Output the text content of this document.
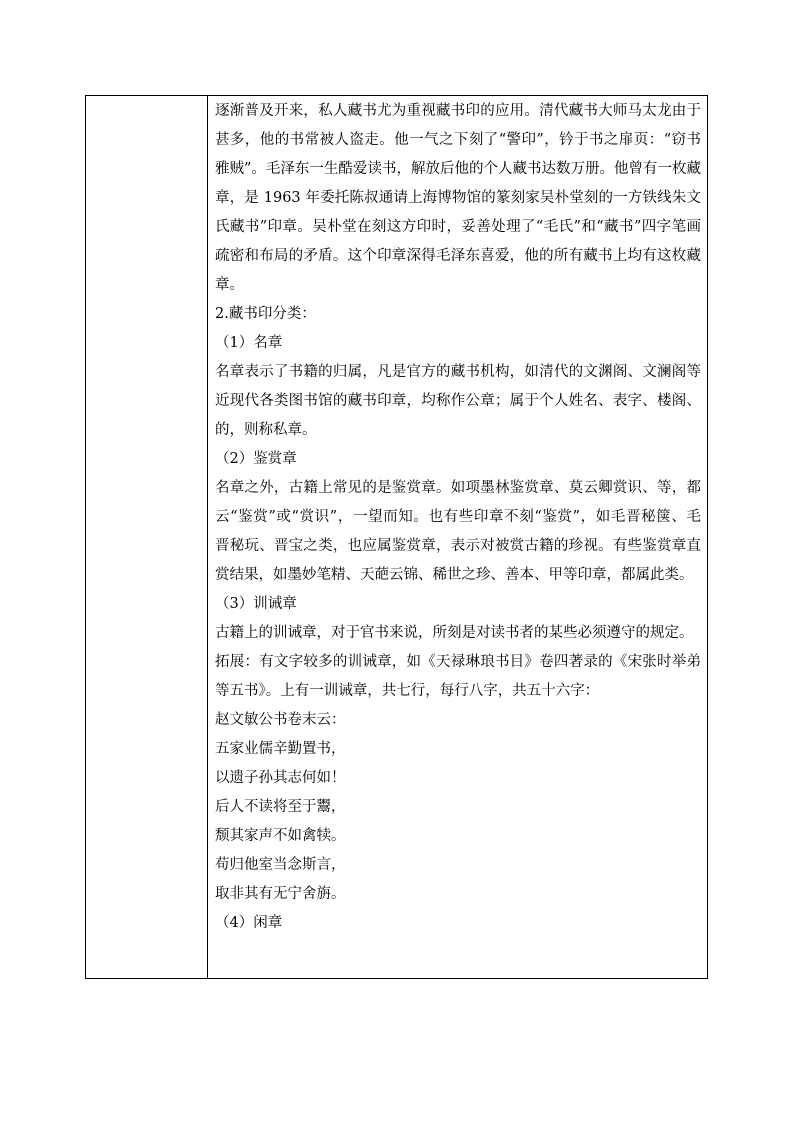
逐渐普及开来，私人藏书尤为重视藏书印的应用。清代藏书大师马太龙由于
甚多，他的书常被人盗走。他一气之下刻了“警印”，钤于书之扉页：“窃书
雅贼”。毛泽东一生酷爱读书，解放后他的个人藏书达数万册。他曾有一枚藏
章，是 1963 年委托陈叔通请上海博物馆的篆刻家吴朴堂刻的一方铁线朱文
氏藏书”印章。吴朴堂在刻这方印时，妥善处理了“毛氏”和“藏书”四字笔画
疏密和布局的矛盾。这个印章深得毛泽东喜爱，他的所有藏书上均有这枚藏
章。
2.藏书印分类：
（1）名章
名章表示了书籍的归属，凡是官方的藏书机构，如清代的文渊阁、文澜阁等
近现代各类图书馆的藏书印章，均称作公章；属于个人姓名、表字、楼阁、
的，则称私章。
（2）鉴赏章
名章之外，古籍上常见的是鉴赏章。如项墨林鉴赏章、莫云卿赏识、等，都
云“鉴赏”或“赏识”，一望而知。也有些印章不刻“鉴赏”，如毛晋秘箧、毛
晋秘玩、晋宝之类，也应属鉴赏章，表示对被赏古籍的珍视。有些鉴赏章直
赏结果，如墨妙笔精、天葩云锦、稀世之珍、善本、甲等印章，都属此类。
（3）训诫章
古籍上的训诫章，对于官书来说，所刻是对读书者的某些必须遵守的规定。
拓展：有文字较多的训诫章，如《天禄琳琅书目》卷四著录的《宋张时举弟
等五书》。上有一训诫章，共七行，每行八字，共五十六字：
赵文敏公书卷末云：
五家业儒辛勤置书，
以遗子孙其志何如！
后人不读将至于鬻，
颓其家声不如禽犊。
苟归他室当念斯言，
取非其有无宁舍旃。
（4）闲章
